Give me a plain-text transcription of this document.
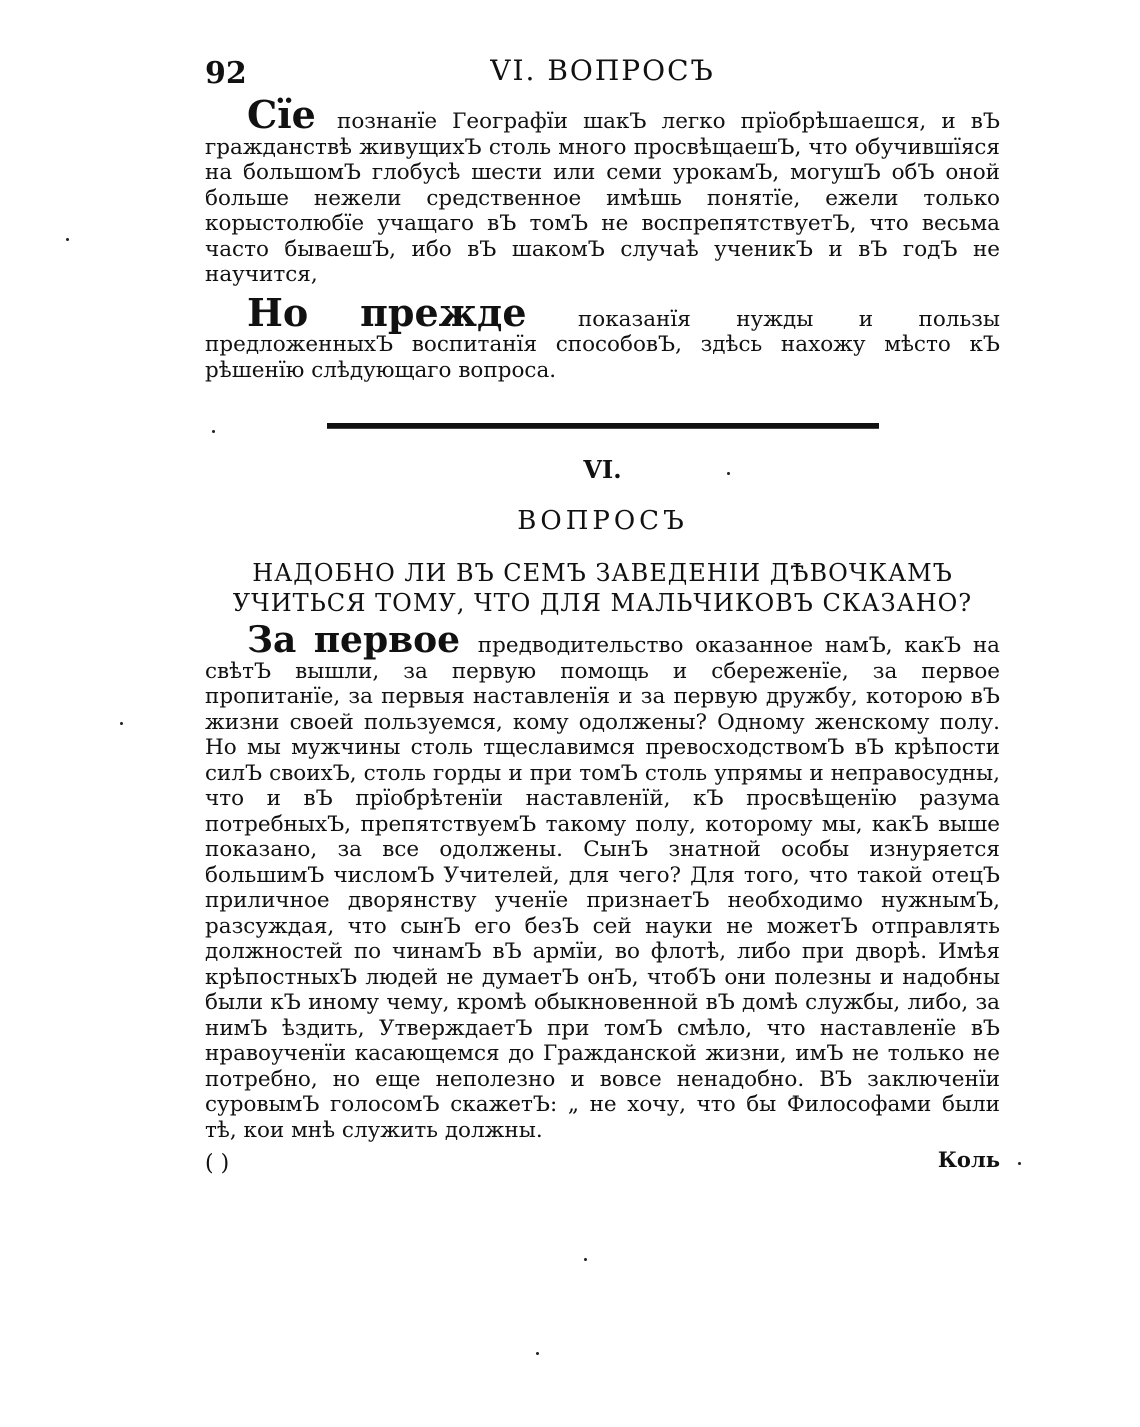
92	VI. ВОПРОСЪ

Сїе познанїе Географїи шакЪ легко прїобрѣшаешся, и вЪ гражданствѣ живущихЪ столь много просвѣщаешЪ, что обучившїяся на большомЪ глобусѣ шести или семи урокамЪ, могушЪ обЪ оной больше нежели средственное имѣшь понятїе, ежели только корыстолюбїе учащаго вЪ томЪ не воспрепятствуетЪ, что весьма часто бываешЪ, ибо вЪ шакомЪ случаѣ ученикЪ и вЪ годЪ не научится,

Но прежде показанїя нужды и пользы предложенныхЪ воспитанїя способовЪ, здѣсь нахожу мѣсто кЪ рѣшенїю слѣдующаго вопроса.

VI.
ВОПРОСЪ
НАДОБНО ЛИ ВЪ СЕМЪ ЗАВЕДЕНІИ ДѢВОЧКАМЪ УЧИТЬСЯ ТОМУ, ЧТО ДЛЯ МАЛЬЧИКОВЪ СКАЗАНО?

За первое предводительство оказанное намЪ, какЪ на свѣтЪ вышли, за первую помощь и сбереженїе, за первое пропитанїе, за первыя наставленїя и за первую дружбу, которою вЪ жизни своей пользуемся, кому одолжены? Одному женскому полу. Но мы мужчины столь тщеславимся превосходствомЪ вЪ крѣпости силЪ своихЪ, столь горды и при томЪ столь упрямы и неправосудны, что и вЪ прїобрѣтенїи наставленїй, кЪ просвѣщенїю разума потребныхЪ, препятствуемЪ такому полу, которому мы, какЪ выше показано, за все одолжены. СынЪ знатной особы изнуряется большимЪ числомЪ Учителей, для чего? Для того, что такой отецЪ приличное дворянству ученїе признаетЪ необходимо нужнымЪ, разсуждая, что сынЪ его безЪ сей науки не можетЪ отправлять должностей по чинамЪ вЪ армїи, во флотѣ, либо при дворѣ. Имѣя крѣпостныхЪ людей не думаетЪ онЪ, чтобЪ они полезны и надобны были кЪ иному чему, кромѣ обыкновенной вЪ домѣ службы, либо, за нимЪ ѣздить, УтверждаетЪ при томЪ смѣло, что наставленїе вЪ нравоученїи касающемся до Гражданской жизни, имЪ не только не потребно, но еще неполезно и вовсе ненадобно. ВЪ заключенїи суровымЪ голосомЪ скажетЪ: „ не хочу, что бы Философами были тѣ, кои мнѣ служить должны.

( )	Коль
